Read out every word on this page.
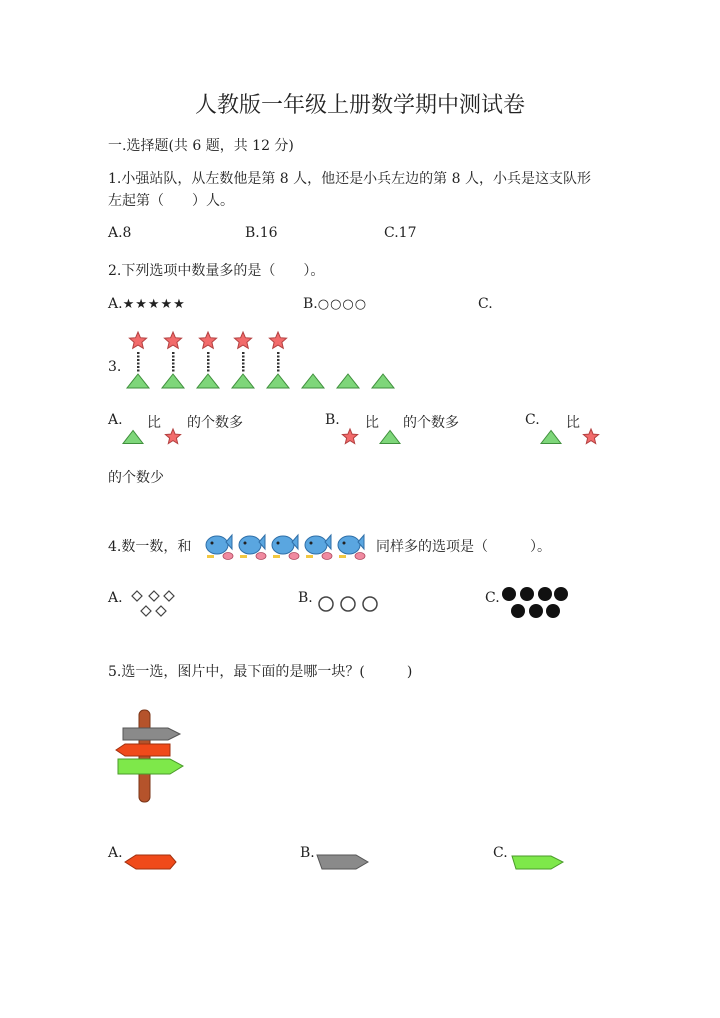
人教版一年级上册数学期中测试卷
一.选择题(共 6 题，共 12 分)
1.小强站队，从左数他是第 8 人，他还是小兵左边的第 8 人，小兵是这支队形
左起第（　　）人。
A.8	B.16	C.17
2.下列选项中数量多的是（　　）。
A.★★★★★	B.○○○○	C.
3.
A. 比 的个数多	B. 比 的个数多	C. 比
的个数少
4.数一数，和	同样多的选项是（　　　）。
A.	B.	C.
5.选一选，图片中，最下面的是哪一块？(　　　)
A.	B.	C.
